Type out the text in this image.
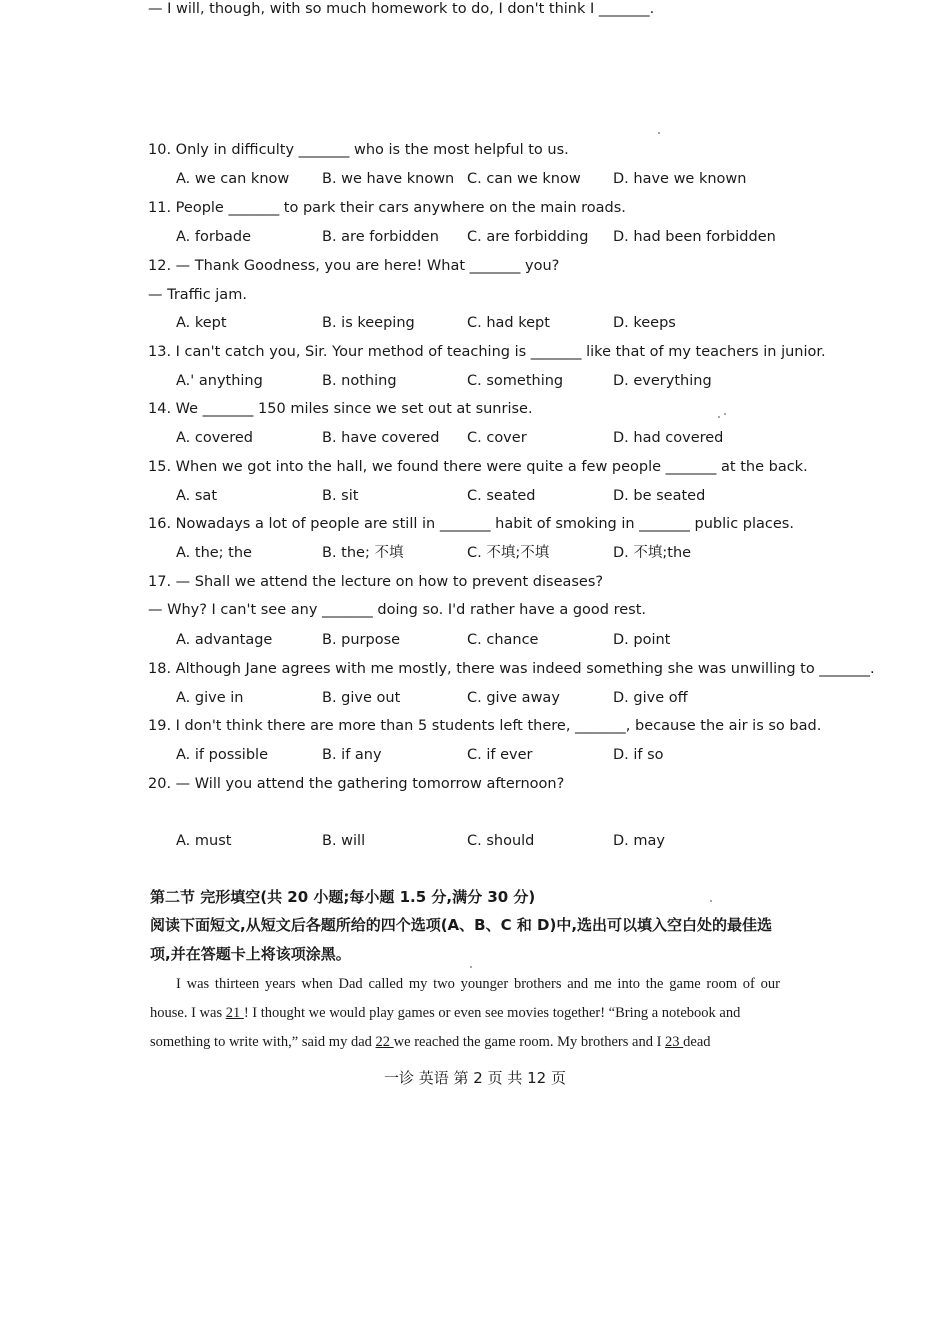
10. Only in difficulty _______ who is the most helpful to us.
A. we can know B. we have known C. can we know D. have we known
11. People _______ to park their cars anywhere on the main roads.
A. forbade	B. are forbidden C. are forbidding D. had been forbidden
12. — Thank Goodness, you are here! What _______ you?
— Traffic jam.
A. kept	B. is keeping	C. had kept	D. keeps
13. I can't catch you, Sir. Your method of teaching is _______ like that of my teachers in junior.
A.' anything	B. nothing	C. something	D. everything
14. We _______ 150 miles since we set out at sunrise.
A. covered	B. have covered C. cover	D. had covered
15. When we got into the hall, we found there were quite a few people _______ at the back.
A. sat	B. sit	C. seated	D. be seated
16. Nowadays a lot of people are still in _______ habit of smoking in _______ public places.
A. the; the	B. the; 不填	C. 不填;不填	D. 不填;the
17. — Shall we attend the lecture on how to prevent diseases?
— Why? I can't see any _______ doing so. I'd rather have a good rest.
A. advantage	B. purpose	C. chance	D. point
18. Although Jane agrees with me mostly, there was indeed something she was unwilling to _______.
A. give in	B. give out	C. give away	D. give off
19. I don't think there are more than 5 students left there, _______, because the air is so bad.
A. if possible	B. if any	C. if ever	D. if so
20. — Will you attend the gathering tomorrow afternoon?
— I will, though, with so much homework to do, I don't think I _______.
A. must	B. will	C. should	D. may
第二节 完形填空(共 20 小题;每小题 1.5 分,满分 30 分)
阅读下面短文,从短文后各题所给的四个选项(A、B、C 和 D)中,选出可以填入空白处的最佳选
项,并在答题卡上将该项涂黑。
I was thirteen years when Dad called my two younger brothers and me into the game room of our
house. I was 21 ! I thought we would play games or even see movies together! “Bring a notebook and
something to write with,” said my dad 22 we reached the game room. My brothers and I 23 dead
一诊 英语 第 2 页 共 12 页
